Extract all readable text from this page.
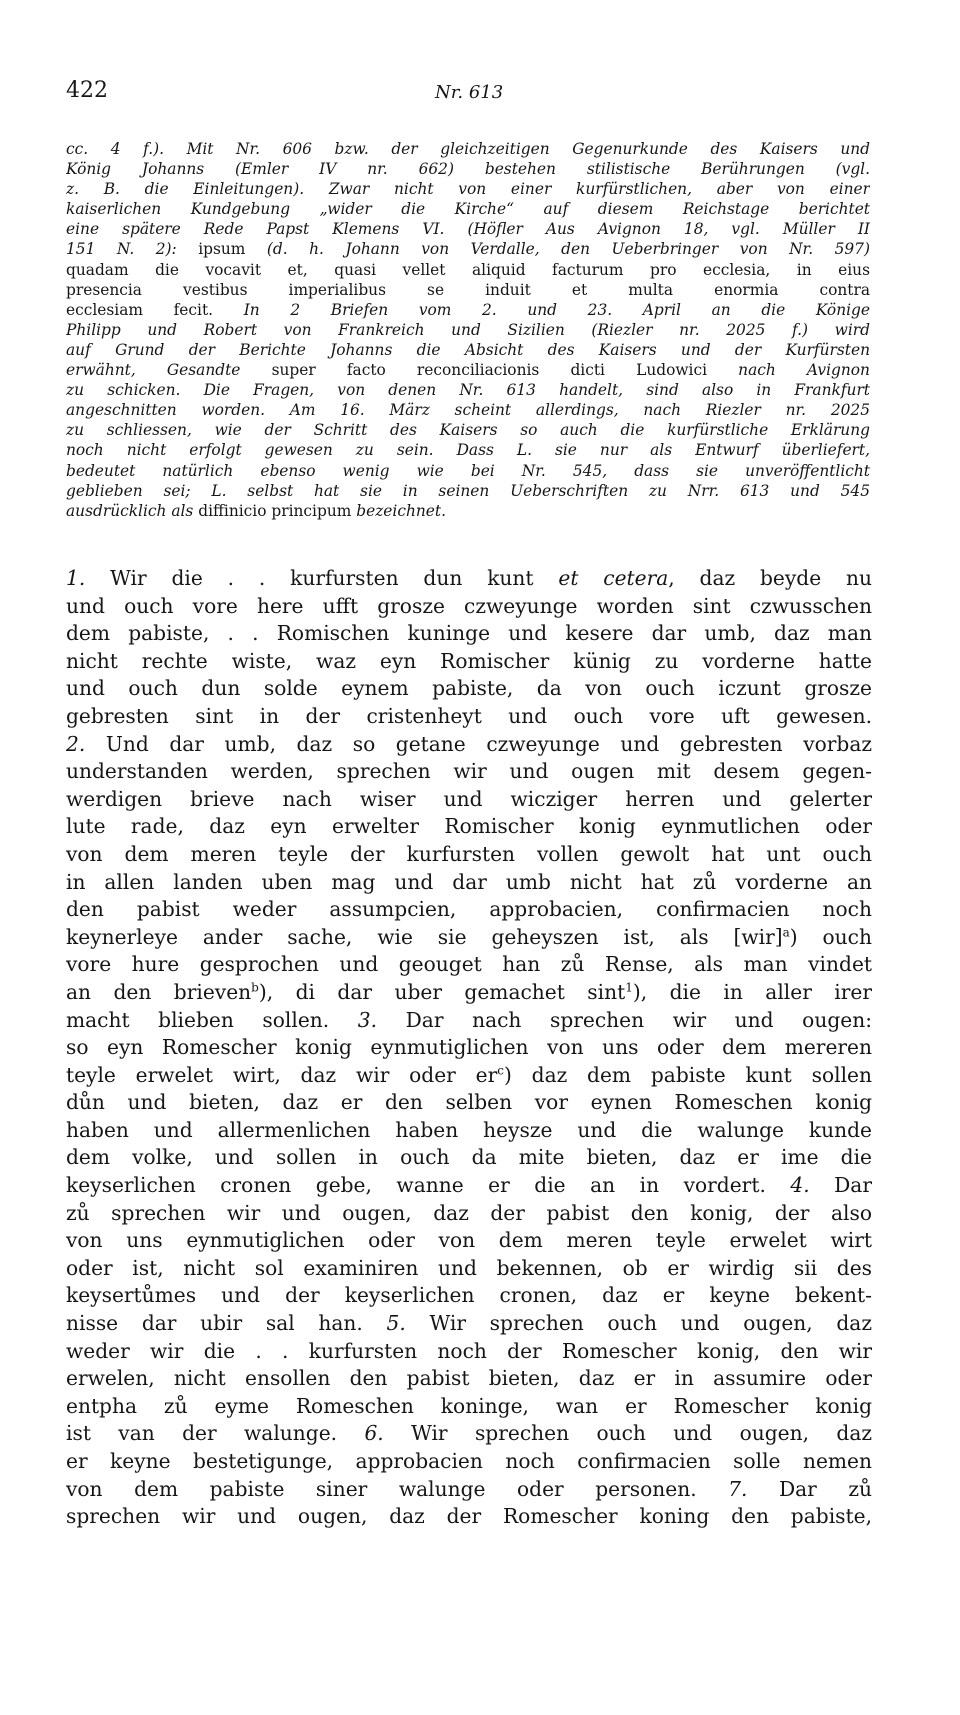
422	Nr. 613
cc. 4 f.). Mit Nr. 606 bzw. der gleichzeitigen Gegenurkunde des Kaisers und
König Johanns (Emler IV nr. 662) bestehen stilistische Berührungen (vgl.
z. B. die Einleitungen). Zwar nicht von einer kurfürstlichen, aber von einer
kaiserlichen Kundgebung „wider die Kirche“ auf diesem Reichstage berichtet
eine spätere Rede Papst Klemens VI. (Höfler Aus Avignon 18, vgl. Müller II
151 N. 2): ipsum (d. h. Johann von Verdalle, den Ueberbringer von Nr. 597)
quadam die vocavit et, quasi vellet aliquid facturum pro ecclesia, in eius
presencia vestibus imperialibus se induit et multa enormia contra
ecclesiam fecit. In 2 Briefen vom 2. und 23. April an die Könige
Philipp und Robert von Frankreich und Sizilien (Riezler nr. 2025 f.) wird
auf Grund der Berichte Johanns die Absicht des Kaisers und der Kurfürsten
erwähnt, Gesandte super facto reconciliacionis dicti Ludowici nach Avignon
zu schicken. Die Fragen, von denen Nr. 613 handelt, sind also in Frankfurt
angeschnitten worden. Am 16. März scheint allerdings, nach Riezler nr. 2025
zu schliessen, wie der Schritt des Kaisers so auch die kurfürstliche Erklärung
noch nicht erfolgt gewesen zu sein. Dass L. sie nur als Entwurf überliefert,
bedeutet natürlich ebenso wenig wie bei Nr. 545, dass sie unveröffentlicht
geblieben sei; L. selbst hat sie in seinen Ueberschriften zu Nrr. 613 und 545
ausdrücklich als diffinicio principum bezeichnet.
1. Wir die . . kurfursten dun kunt et cetera, daz beyde nu
und ouch vore here ufft grosze czweyunge worden sint czwusschen
dem pabiste, . . Romischen kuninge und kesere dar umb, daz man
nicht rechte wiste, waz eyn Romischer künig zu vorderne hatte
und ouch dun solde eynem pabiste, da von ouch iczunt grosze
gebresten sint in der cristenheyt und ouch vore uft gewesen.
2. Und dar umb, daz so getane czweyunge und gebresten vorbaz
understanden werden, sprechen wir und ougen mit desem gegen-
werdigen brieve nach wiser und wicziger herren und gelerter
lute rade, daz eyn erwelter Romischer konig eynmutlichen oder
von dem meren teyle der kurfursten vollen gewolt hat unt ouch
in allen landen uben mag und dar umb nicht hat zů vorderne an
den pabist weder assumpcien, approbacien, confirmacien noch
keynerleye ander sache, wie sie geheyszen ist, als [wir]$^a$) ouch
vore hure gesprochen und geouget han zů Rense, als man vindet
an den brieven$^b$), di dar uber gemachet sint$^1$), die in aller irer
macht blieben sollen. 3. Dar nach sprechen wir und ougen:
so eyn Romescher konig eynmutiglichen von uns oder dem mereren
teyle erwelet wirt, daz wir oder $er^c$) daz dem pabiste kunt sollen
důn und bieten, daz er den selben vor eynen Romeschen konig
haben und allermenlichen haben heysze und die walunge kunde
dem volke, und sollen in ouch da mite bieten, daz er ime die
keyserlichen cronen gebe, wanne er die an in vordert. 4. Dar
zů sprechen wir und ougen, daz der pabist den konig, der also
von uns eynmutiglichen oder von dem meren teyle erwelet wirt
oder ist, nicht sol examiniren und bekennen, ob er wirdig sii des
keysertůmes und der keyserlichen cronen, daz er keyne bekent-
nisse dar ubir sal han. 5. Wir sprechen ouch und ougen, daz
weder wir die . . kurfursten noch der Romescher konig, den wir
erwelen, nicht ensollen den pabist bieten, daz er in assumire oder
entpha zů eyme Romeschen koninge, wan er Romescher konig
ist van der walunge. 6. Wir sprechen ouch und ougen, daz
er keyne bestetigunge, approbacien noch confirmacien solle nemen
von dem pabiste siner walunge oder personen. 7. Dar zů
sprechen wir und ougen, daz der Romescher koning den pabiste,
